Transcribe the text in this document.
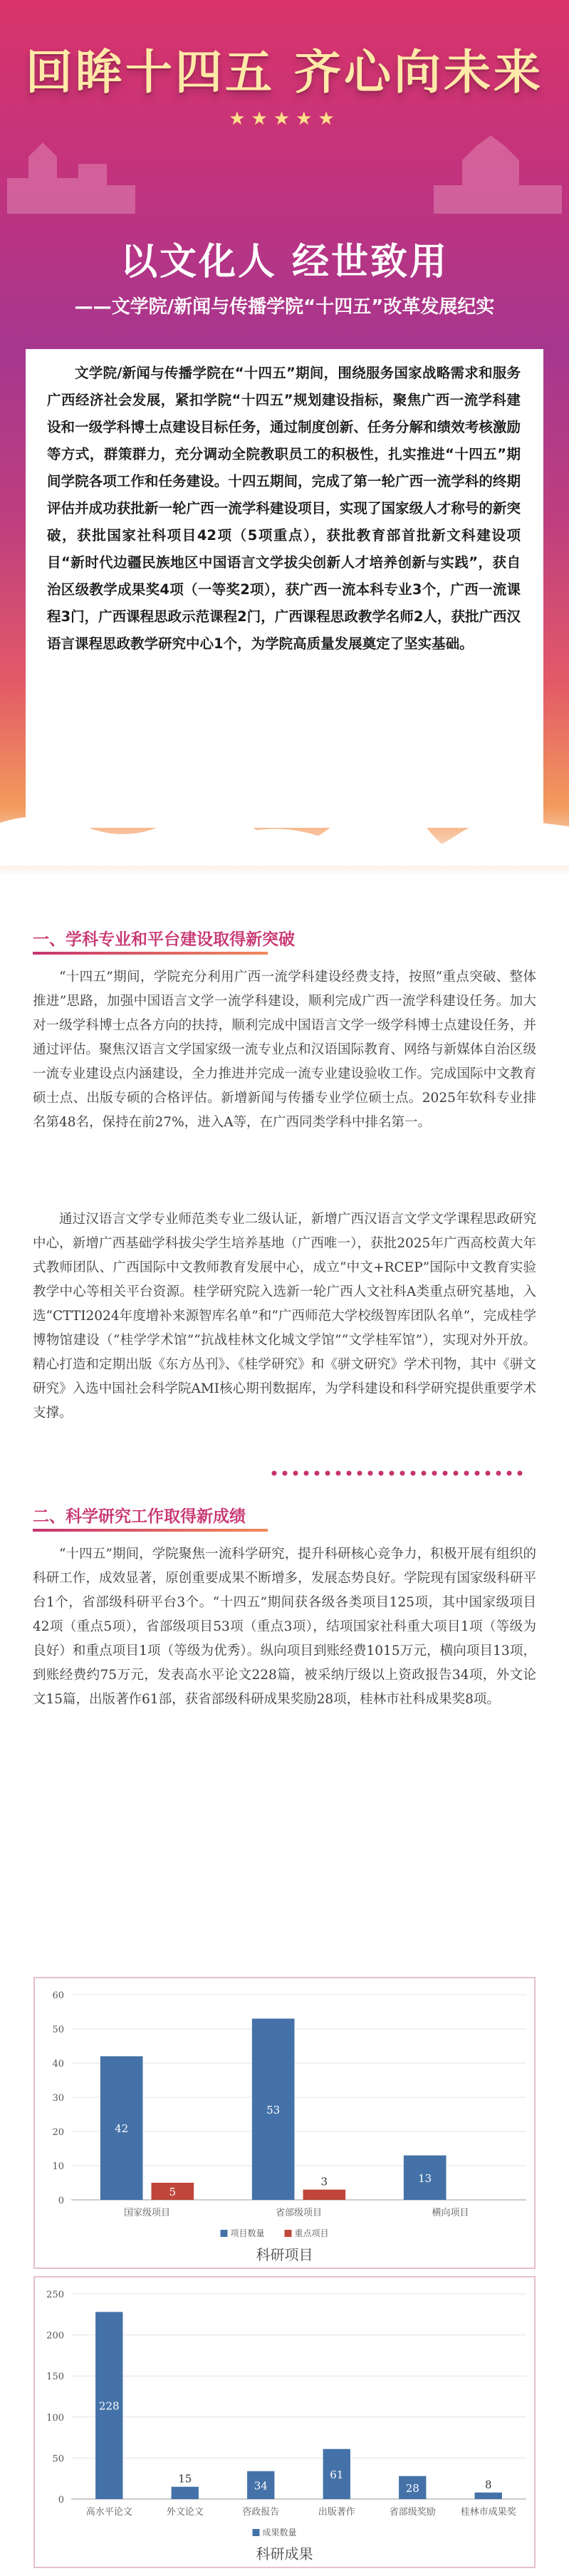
回眸十四五 齐心向未来
★★★★★
以文化人 经世致用
——文学院/新闻与传播学院“十四五”改革发展纪实

文学院/新闻与传播学院在“十四五”期间，围绕服务国家战略需求和服务广西经济社会发展，紧扣学院“十四五”规划建设指标，聚焦广西一流学科建设和一级学科博士点建设目标任务，通过制度创新、任务分解和绩效考核激励等方式，群策群力，充分调动全院教职员工的积极性，扎实推进“十四五”期间学院各项工作和任务建设。十四五期间，完成了第一轮广西一流学科的终期评估并成功获批新一轮广西一流学科建设项目，实现了国家级人才称号的新突破，获批国家社科项目42项（5项重点），获批教育部首批新文科建设项目“新时代边疆民族地区中国语言文学拔尖创新人才培养创新与实践”，获自治区级教学成果奖4项（一等奖2项），获广西一流本科专业3个，广西一流课程3门，广西课程思政示范课程2门，广西课程思政教学名师2人，获批广西汉语言课程思政教学研究中心1个，为学院高质量发展奠定了坚实基础。

一、学科专业和平台建设取得新突破

“十四五”期间，学院充分利用广西一流学科建设经费支持，按照“重点突破、整体推进”思路，加强中国语言文学一流学科建设，顺利完成广西一流学科建设任务。加大对一级学科博士点各方向的扶持，顺利完成中国语言文学一级学科博士点建设任务，并通过评估。聚焦汉语言文学国家级一流专业点和汉语国际教育、网络与新媒体自治区级一流专业建设点内涵建设，全力推进并完成一流专业建设验收工作。完成国际中文教育硕士点、出版专硕的合格评估。新增新闻与传播专业学位硕士点。2025年软科专业排名第48名，保持在前27%，进入A等，在广西同类学科中排名第一。

通过汉语言文学专业师范类专业二级认证，新增广西汉语言文学文学课程思政研究中心，新增广西基础学科拔尖学生培养基地（广西唯一），获批2025年广西高校黄大年式教师团队、广西国际中文教师教育发展中心，成立“中文+RCEP”国际中文教育实验教学中心等相关平台资源。桂学研究院入选新一轮广西人文社科A类重点研究基地，入选“CTTI2024年度增补来源智库名单”和“广西师范大学校级智库团队名单”，完成桂学博物馆建设（“桂学学术馆”“抗战桂林文化城文学馆”“文学桂军馆”），实现对外开放。精心打造和定期出版《东方丛刊》、《桂学研究》和《骈文研究》学术刊物，其中《骈文研究》入选中国社会科学院AMI核心期刊数据库，为学科建设和科学研究提供重要学术支撑。

二、科学研究工作取得新成绩

“十四五”期间，学院聚焦一流科学研究，提升科研核心竞争力，积极开展有组织的科研工作，成效显著，原创重要成果不断增多，发展态势良好。学院现有国家级科研平台1个，省部级科研平台3个。“十四五”期间获各级各类项目125项，其中国家级项目42项（重点5项），省部级项目53项（重点3项），结项国家社科重大项目1项（等级为良好）和重点项目1项（等级为优秀）。纵向项目到账经费1015万元，横向项目13项，到账经费约75万元，发表高水平论文228篇，被采纳厅级以上资政报告34项，外文论文15篇，出版著作61部，获省部级科研成果奖励28项，桂林市社科成果奖8项。

0
10
20
30
40
50
60
42
5
国家级项目
53
3
省部级项目
13
横向项目
项目数量	重点项目
科研项目
0
50
100
150
200
250
228
高水平论文
15
外文论文
34
咨政报告
61
出版著作
28
省部级奖励
8
桂林市成果奖
成果数量
科研成果
